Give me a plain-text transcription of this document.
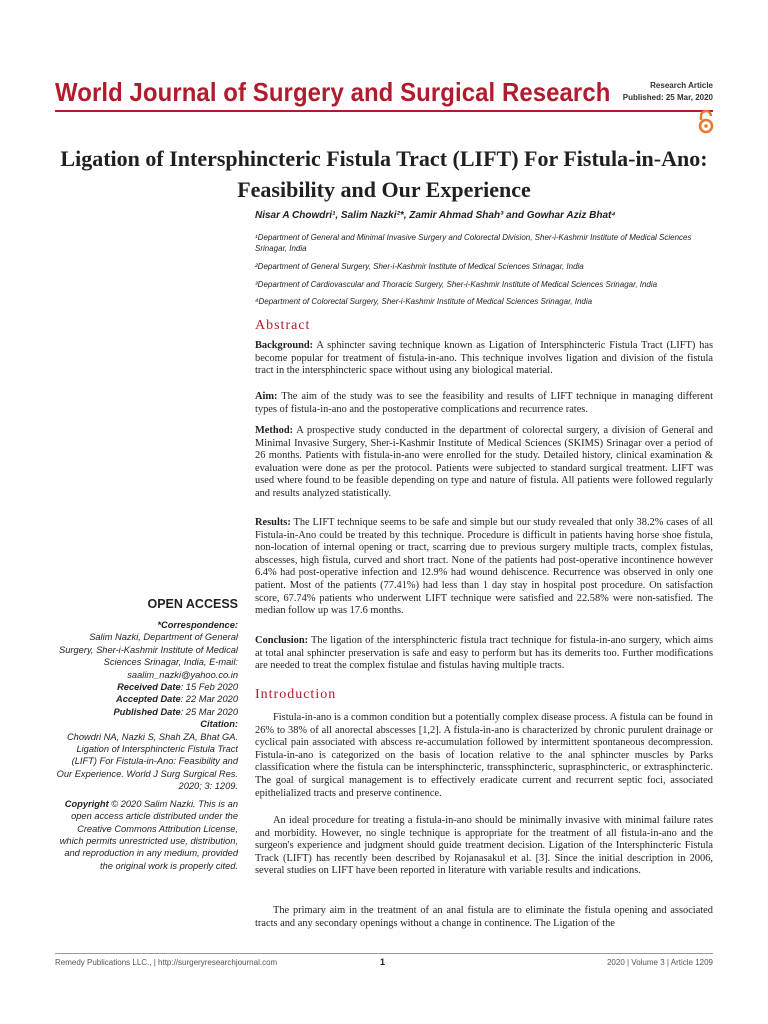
World Journal of Surgery and Surgical Research	Research Article
Published: 25 Mar, 2020
Ligation of Intersphincteric Fistula Tract (LIFT) For Fistula-in-Ano: Feasibility and Our Experience
Nisar A Chowdri¹, Salim Nazki²*, Zamir Ahmad Shah³ and Gowhar Aziz Bhat⁴
¹Department of General and Minimal Invasive Surgery and Colorectal Division, Sher-i-Kashmir Institute of Medical Sciences Srinagar, India
²Department of General Surgery, Sher-i-Kashmir Institute of Medical Sciences Srinagar, India
³Department of Cardiovascular and Thoracic Surgery, Sher-i-Kashmir Institute of Medical Sciences Srinagar, India
⁴Department of Colorectal Surgery, Sher-i-Kashmir Institute of Medical Sciences Srinagar, India
Abstract
Background: A sphincter saving technique known as Ligation of Intersphincteric Fistula Tract (LIFT) has become popular for treatment of fistula-in-ano. This technique involves ligation and division of the fistula tract in the intersphincteric space without using any biological material.
Aim: The aim of the study was to see the feasibility and results of LIFT technique in managing different types of fistula-in-ano and the postoperative complications and recurrence rates.
Method: A prospective study conducted in the department of colorectal surgery, a division of General and Minimal Invasive Surgery, Sher-i-Kashmir Institute of Medical Sciences (SKIMS) Srinagar over a period of 26 months. Patients with fistula-in-ano were enrolled for the study. Detailed history, clinical examination & evaluation were done as per the protocol. Patients were subjected to standard surgical treatment. LIFT was used where found to be feasible depending on type and nature of fistula. All patients were followed regularly and results analyzed statistically.
Results: The LIFT technique seems to be safe and simple but our study revealed that only 38.2% cases of all Fistula-in-Ano could be treated by this technique. Procedure is difficult in patients having horse shoe fistula, non-location of internal opening or tract, scarring due to previous surgery multiple tracts, complex fistulas, abscesses, high fistula, curved and short tract. None of the patients had post-operative incontinence however 6.4% had post-operative infection and 12.9% had wound dehiscence. Recurrence was observed in only one patient. Most of the patients (77.41%) had less than 1 day stay in hospital post procedure. On satisfaction score, 67.74% patients who underwent LIFT technique were satisfied and 22.58% were non-satisfied. The median follow up was 17.6 months.
Conclusion: The ligation of the intersphincteric fistula tract technique for fistula-in-ano surgery, which aims at total anal sphincter preservation is safe and easy to perform but has its demerits too. Further modifications are needed to treat the complex fistulae and fistulas having multiple tracts.
Introduction
Fistula-in-ano is a common condition but a potentially complex disease process. A fistula can be found in 26% to 38% of all anorectal abscesses [1,2]. A fistula-in-ano is characterized by chronic purulent drainage or cyclical pain associated with abscess re-accumulation followed by intermittent spontaneous decompression. Fistula-in-ano is categorized on the basis of location relative to the anal sphincter muscles by Parks classification where the fistula can be intersphincteric, transsphincteric, suprasphincteric, or extrasphincteric. The goal of surgical management is to effectively eradicate current and recurrent septic foci, associated epithelialized tracts and preserve continence.
An ideal procedure for treating a fistula-in-ano should be minimally invasive with minimal failure rates and morbidity. However, no single technique is appropriate for the treatment of all fistula-in-ano and the surgeon's experience and judgment should guide treatment decision. Ligation of the Intersphincteric Fistula Track (LIFT) has recently been described by Rojanasakul et al. [3]. Since the initial description in 2006, several studies on LIFT have been reported in literature with variable results and indications.
The primary aim in the treatment of an anal fistula are to eliminate the fistula opening and associated tracts and any secondary openings without a change in continence. The Ligation of the
OPEN ACCESS
*Correspondence:
Salim Nazki, Department of General Surgery, Sher-i-Kashmir Institute of Medical Sciences Srinagar, India, E-mail: saalim_nazki@yahoo.co.in
Received Date: 15 Feb 2020
Accepted Date: 22 Mar 2020
Published Date: 25 Mar 2020
Citation:
Chowdri NA, Nazki S, Shah ZA, Bhat GA. Ligation of Intersphincteric Fistula Tract (LIFT) For Fistula-in-Ano: Feasibility and Our Experience. World J Surg Surgical Res. 2020; 3: 1209.
Copyright © 2020 Salim Nazki. This is an open access article distributed under the Creative Commons Attribution License, which permits unrestricted use, distribution, and reproduction in any medium, provided the original work is properly cited.
Remedy Publications LLC., | http://surgeryresearchjournal.com	1	2020 | Volume 3 | Article 1209
